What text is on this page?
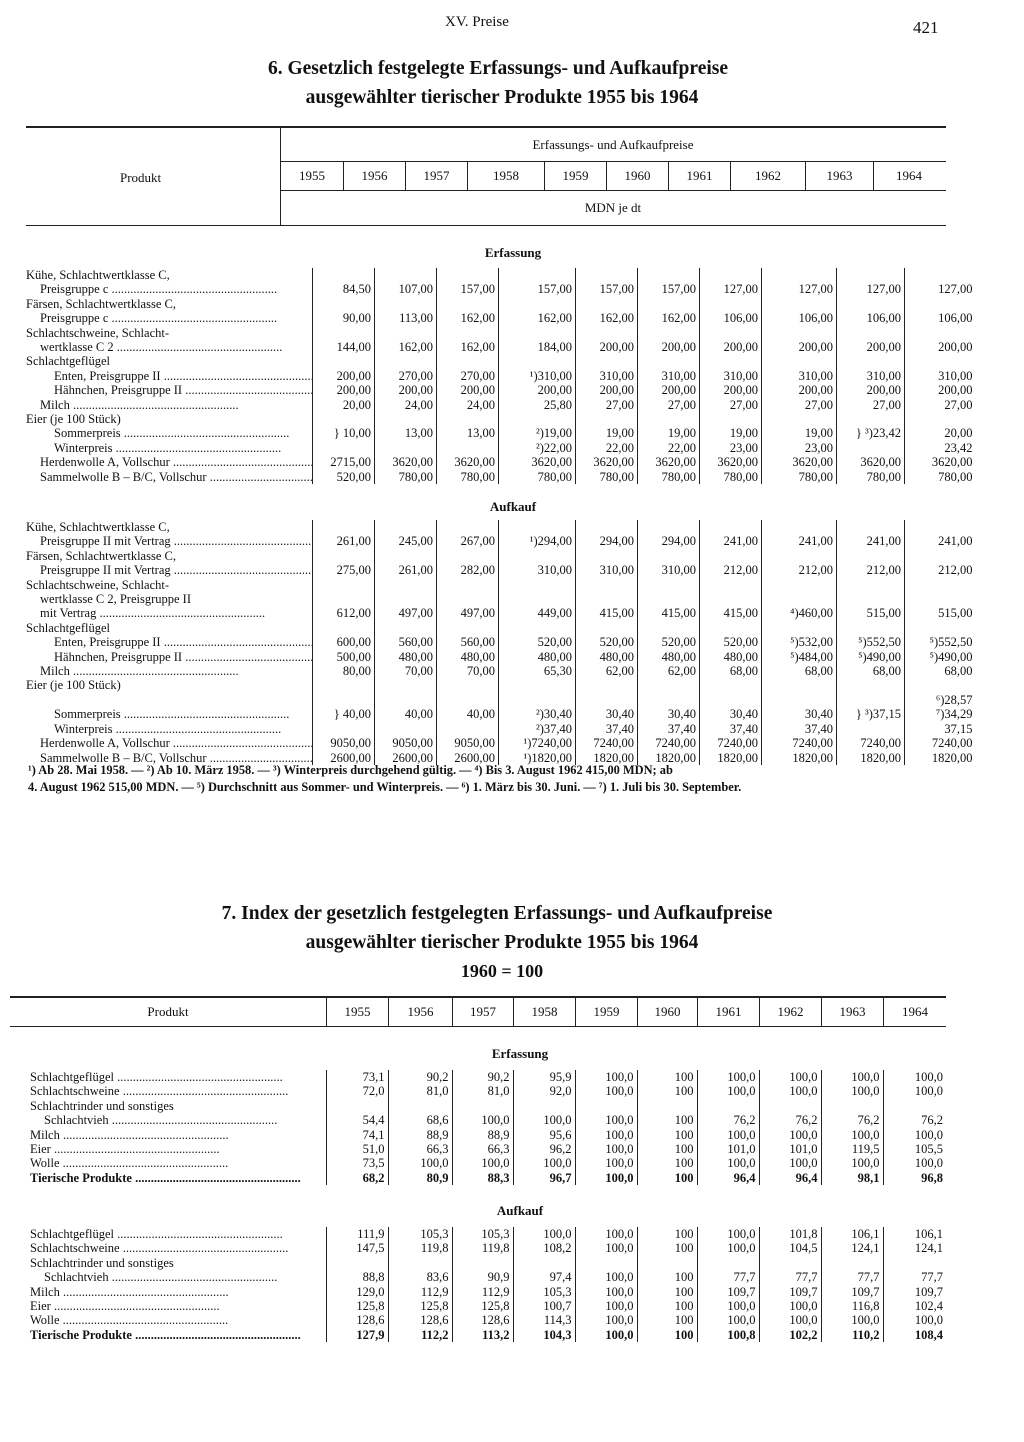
XV. Preise	421
6. Gesetzlich festgelegte Erfassungs- und Aufkaufpreise
ausgewählter tierischer Produkte 1955 bis 1964
Produkt
Erfassungs- und Aufkaufpreise
1955	1956	1957	1958	1959	1960	1961	1962	1963	1964
MDN je dt
Erfassung
Kühe, Schlachtwertklasse C,										
Preisgruppe c .....	84,50	107,00	157,00	157,00	157,00	157,00	127,00	127,00	127,00	127,00
Färsen, Schlachtwertklasse C,										
Preisgruppe c .....	90,00	113,00	162,00	162,00	162,00	162,00	106,00	106,00	106,00	106,00
Schlachtschweine, Schlacht-										
wertklasse C 2 .....	144,00	162,00	162,00	184,00	200,00	200,00	200,00	200,00	200,00	200,00
Schlachtgeflügel										
Enten, Preisgruppe II .....	200,00	270,00	270,00	¹)310,00	310,00	310,00	310,00	310,00	310,00	310,00
Hähnchen, Preisgruppe II .....	200,00	200,00	200,00	200,00	200,00	200,00	200,00	200,00	200,00	200,00
Milch .....	20,00	24,00	24,00	25,80	27,00	27,00	27,00	27,00	27,00	27,00
Eier (je 100 Stück)										
Sommerpreis .....	} 10,00	13,00	13,00	²)19,00	19,00	19,00	19,00	19,00	} ³)23,42	20,00
Winterpreis .....				²)22,00	22,00	22,00	23,00	23,00		23,42
Herdenwolle A, Vollschur .....	2715,00	3620,00	3620,00	3620,00	3620,00	3620,00	3620,00	3620,00	3620,00	3620,00
Sammelwolle B – B/C, Vollschur .....	520,00	780,00	780,00	780,00	780,00	780,00	780,00	780,00	780,00	780,00
Aufkauf
Kühe, Schlachtwertklasse C,										
Preisgruppe II mit Vertrag .....	261,00	245,00	267,00	¹)294,00	294,00	294,00	241,00	241,00	241,00	241,00
Färsen, Schlachtwertklasse C,										
Preisgruppe II mit Vertrag .....	275,00	261,00	282,00	310,00	310,00	310,00	212,00	212,00	212,00	212,00
Schlachtschweine, Schlacht-										
wertklasse C 2, Preisgruppe II										
mit Vertrag .....	612,00	497,00	497,00	449,00	415,00	415,00	415,00	⁴)460,00	515,00	515,00
Schlachtgeflügel										
Enten, Preisgruppe II .....	600,00	560,00	560,00	520,00	520,00	520,00	520,00	⁵)532,00	⁵)552,50	⁵)552,50
Hähnchen, Preisgruppe II .....	500,00	480,00	480,00	480,00	480,00	480,00	480,00	⁵)484,00	⁵)490,00	⁵)490,00
Milch .....	80,00	70,00	70,00	65,30	62,00	62,00	68,00	68,00	68,00	68,00
Eier (je 100 Stück)										
										⁶)28,57
Sommerpreis .....	} 40,00	40,00	40,00	²)30,40	30,40	30,40	30,40	30,40	} ³)37,15	⁷)34,29
Winterpreis .....				²)37,40	37,40	37,40	37,40	37,40		37,15
Herdenwolle A, Vollschur .....	9050,00	9050,00	9050,00	¹)7240,00	7240,00	7240,00	7240,00	7240,00	7240,00	7240,00
Sammelwolle B – B/C, Vollschur .....	2600,00	2600,00	2600,00	¹)1820,00	1820,00	1820,00	1820,00	1820,00	1820,00	1820,00
¹) Ab 28. Mai 1958. — ²) Ab 10. März 1958. — ³) Winterpreis durchgehend gültig. — ⁴) Bis 3. August 1962 415,00 MDN; ab
4. August 1962 515,00 MDN. — ⁵) Durchschnitt aus Sommer- und Winterpreis. — ⁶) 1. März bis 30. Juni. — ⁷) 1. Juli bis 30. September.
7. Index der gesetzlich festgelegten Erfassungs- und Aufkaufpreise
ausgewählter tierischer Produkte 1955 bis 1964
1960 = 100
Produkt	1955	1956	1957	1958	1959	1960	1961	1962	1963	1964
Erfassung
Schlachtgeflügel .....	73,1	90,2	90,2	95,9	100,0	100	100,0	100,0	100,0	100,0
Schlachtschweine .....	72,0	81,0	81,0	92,0	100,0	100	100,0	100,0	100,0	100,0
Schlachtrinder und sonstiges										
Schlachtvieh .....	54,4	68,6	100,0	100,0	100,0	100	76,2	76,2	76,2	76,2
Milch .....	74,1	88,9	88,9	95,6	100,0	100	100,0	100,0	100,0	100,0
Eier .....	51,0	66,3	66,3	96,2	100,0	100	101,0	101,0	119,5	105,5
Wolle .....	73,5	100,0	100,0	100,0	100,0	100	100,0	100,0	100,0	100,0
Tierische Produkte .....	68,2	80,9	88,3	96,7	100,0	100	96,4	96,4	98,1	96,8
Aufkauf
Schlachtgeflügel .....	111,9	105,3	105,3	100,0	100,0	100	100,0	101,8	106,1	106,1
Schlachtschweine .....	147,5	119,8	119,8	108,2	100,0	100	100,0	104,5	124,1	124,1
Schlachtrinder und sonstiges										
Schlachtvieh .....	88,8	83,6	90,9	97,4	100,0	100	77,7	77,7	77,7	77,7
Milch .....	129,0	112,9	112,9	105,3	100,0	100	109,7	109,7	109,7	109,7
Eier .....	125,8	125,8	125,8	100,7	100,0	100	100,0	100,0	116,8	102,4
Wolle .....	128,6	128,6	128,6	114,3	100,0	100	100,0	100,0	100,0	100,0
Tierische Produkte .....	127,9	112,2	113,2	104,3	100,0	100	100,8	102,2	110,2	108,4
